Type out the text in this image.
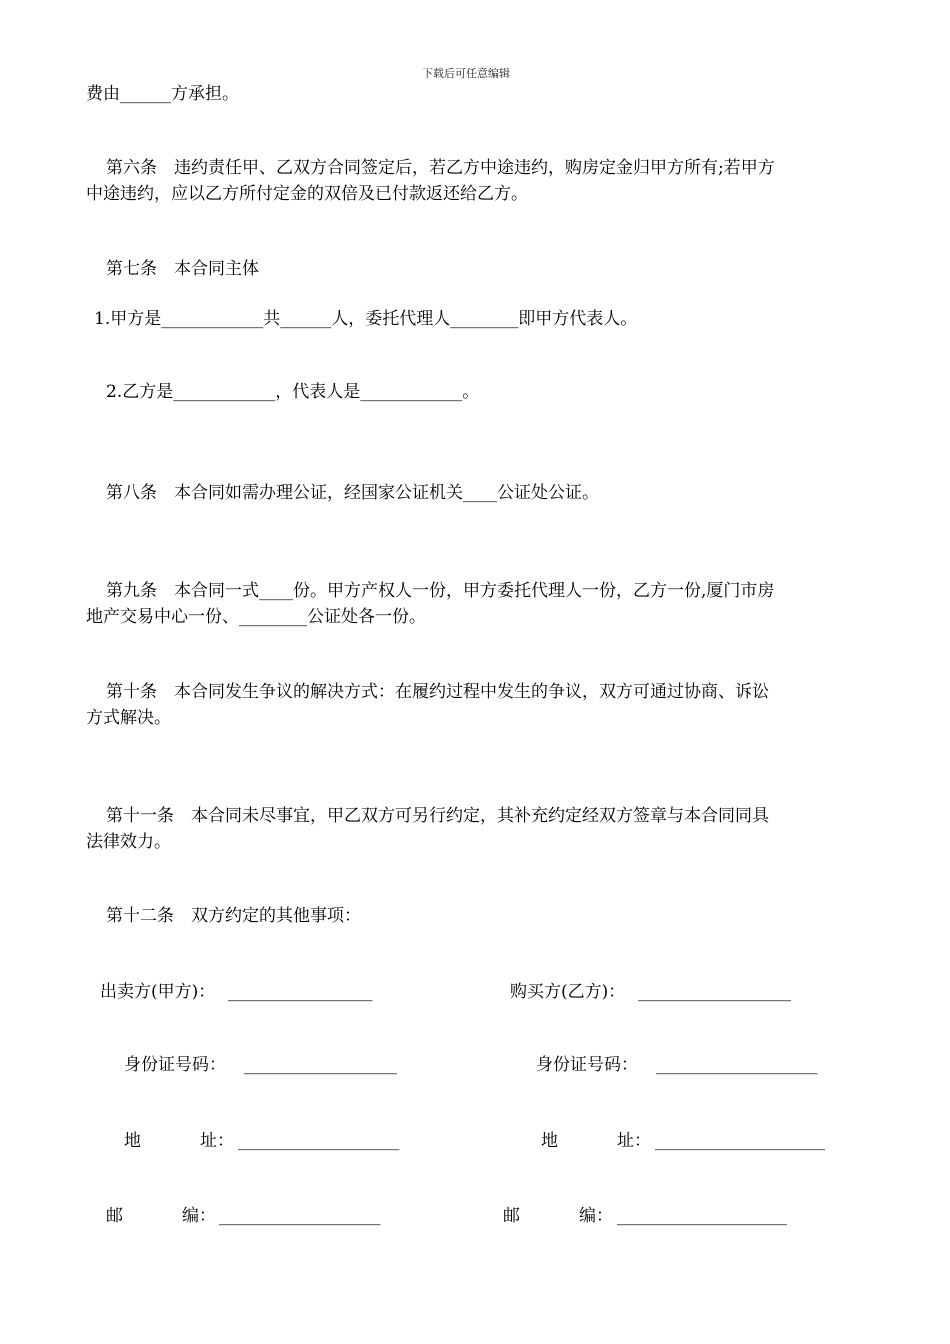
下载后可任意编辑
费由______方承担。
第六条　违约责任甲、乙双方合同签定后，若乙方中途违约，购房定金归甲方所有;若甲方
中途违约，应以乙方所付定金的双倍及已付款返还给乙方。
第七条　本合同主体
1.甲方是____________共______人，委托代理人________即甲方代表人。
2.乙方是____________，代表人是____________。
第八条　本合同如需办理公证，经国家公证机关____公证处公证。
第九条　本合同一式____份。甲方产权人一份，甲方委托代理人一份，乙方一份,厦门市房
地产交易中心一份、________公证处各一份。
第十条　本合同发生争议的解决方式：在履约过程中发生的争议，双方可通过协商、诉讼
方式解决。
第十一条　本合同未尽事宜，甲乙双方可另行约定，其补充约定经双方签章与本合同同具
法律效力。
第十二条　双方约定的其他事项：
出卖方(甲方)： _________________	购买方(乙方)： __________________
身份证号码： __________________	身份证号码： ___________________
地	址： ___________________	地	址： ____________________
邮	编： ___________________	邮	编： ____________________
